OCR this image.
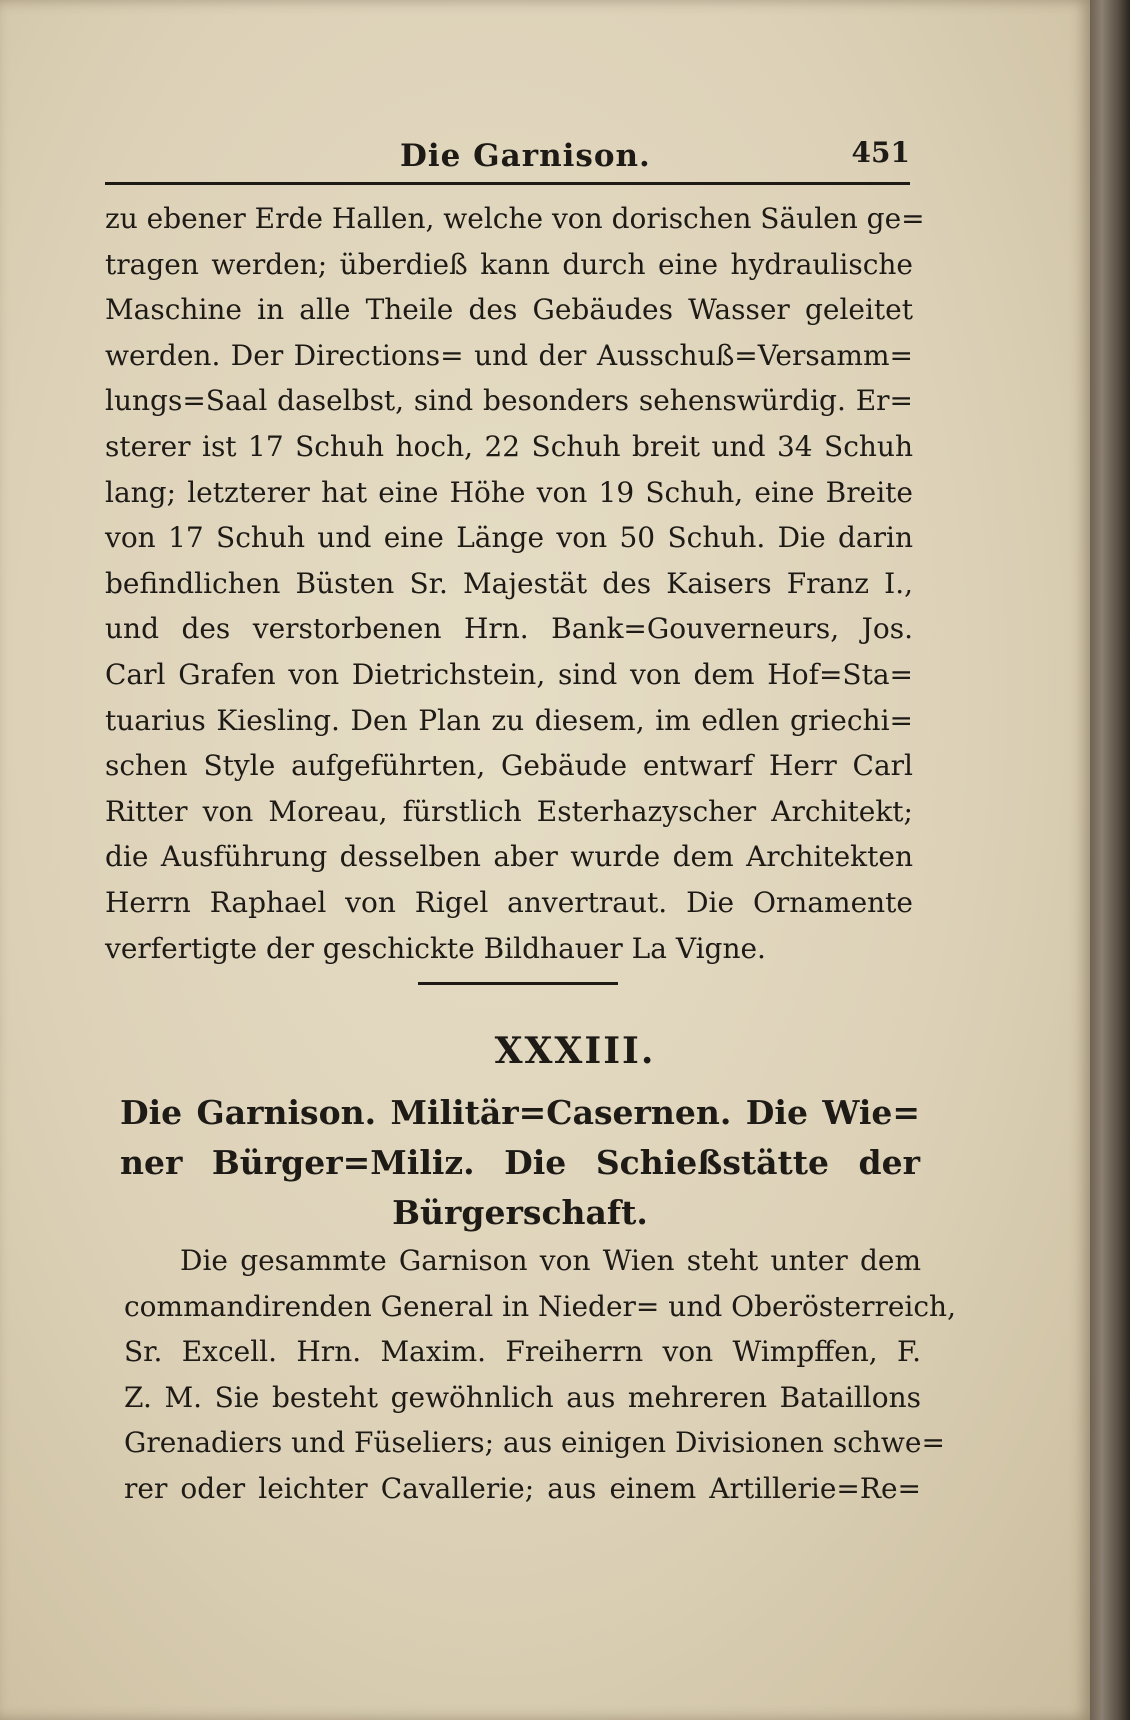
Die Garnison.	451
zu ebener Erde Hallen, welche von dorischen Säulen ge=
tragen werden; überdieß kann durch eine hydraulische
Maschine in alle Theile des Gebäudes Wasser geleitet
werden. Der Directions= und der Ausschuß=Versamm=
lungs=Saal daselbst, sind besonders sehenswürdig. Er=
sterer ist 17 Schuh hoch, 22 Schuh breit und 34 Schuh
lang; letzterer hat eine Höhe von 19 Schuh, eine Breite
von 17 Schuh und eine Länge von 50 Schuh. Die darin
befindlichen Büsten Sr. Majestät des Kaisers Franz I.,
und des verstorbenen Hrn. Bank=Gouverneurs, Jos.
Carl Grafen von Dietrichstein, sind von dem Hof=Sta=
tuarius Kiesling. Den Plan zu diesem, im edlen griechi=
schen Style aufgeführten, Gebäude entwarf Herr Carl
Ritter von Moreau, fürstlich Esterhazyscher Architekt;
die Ausführung desselben aber wurde dem Architekten
Herrn Raphael von Rigel anvertraut. Die Ornamente
verfertigte der geschickte Bildhauer La Vigne.
XXXIII.
Die Garnison. Militär=Casernen. Die Wie=
ner Bürger=Miliz. Die Schießstätte der
Bürgerschaft.
Die gesammte Garnison von Wien steht unter dem
commandirenden General in Nieder= und Oberösterreich,
Sr. Excell. Hrn. Maxim. Freiherrn von Wimpffen, F.
Z. M. Sie besteht gewöhnlich aus mehreren Bataillons
Grenadiers und Füseliers; aus einigen Divisionen schwe=
rer oder leichter Cavallerie; aus einem Artillerie=Re=
